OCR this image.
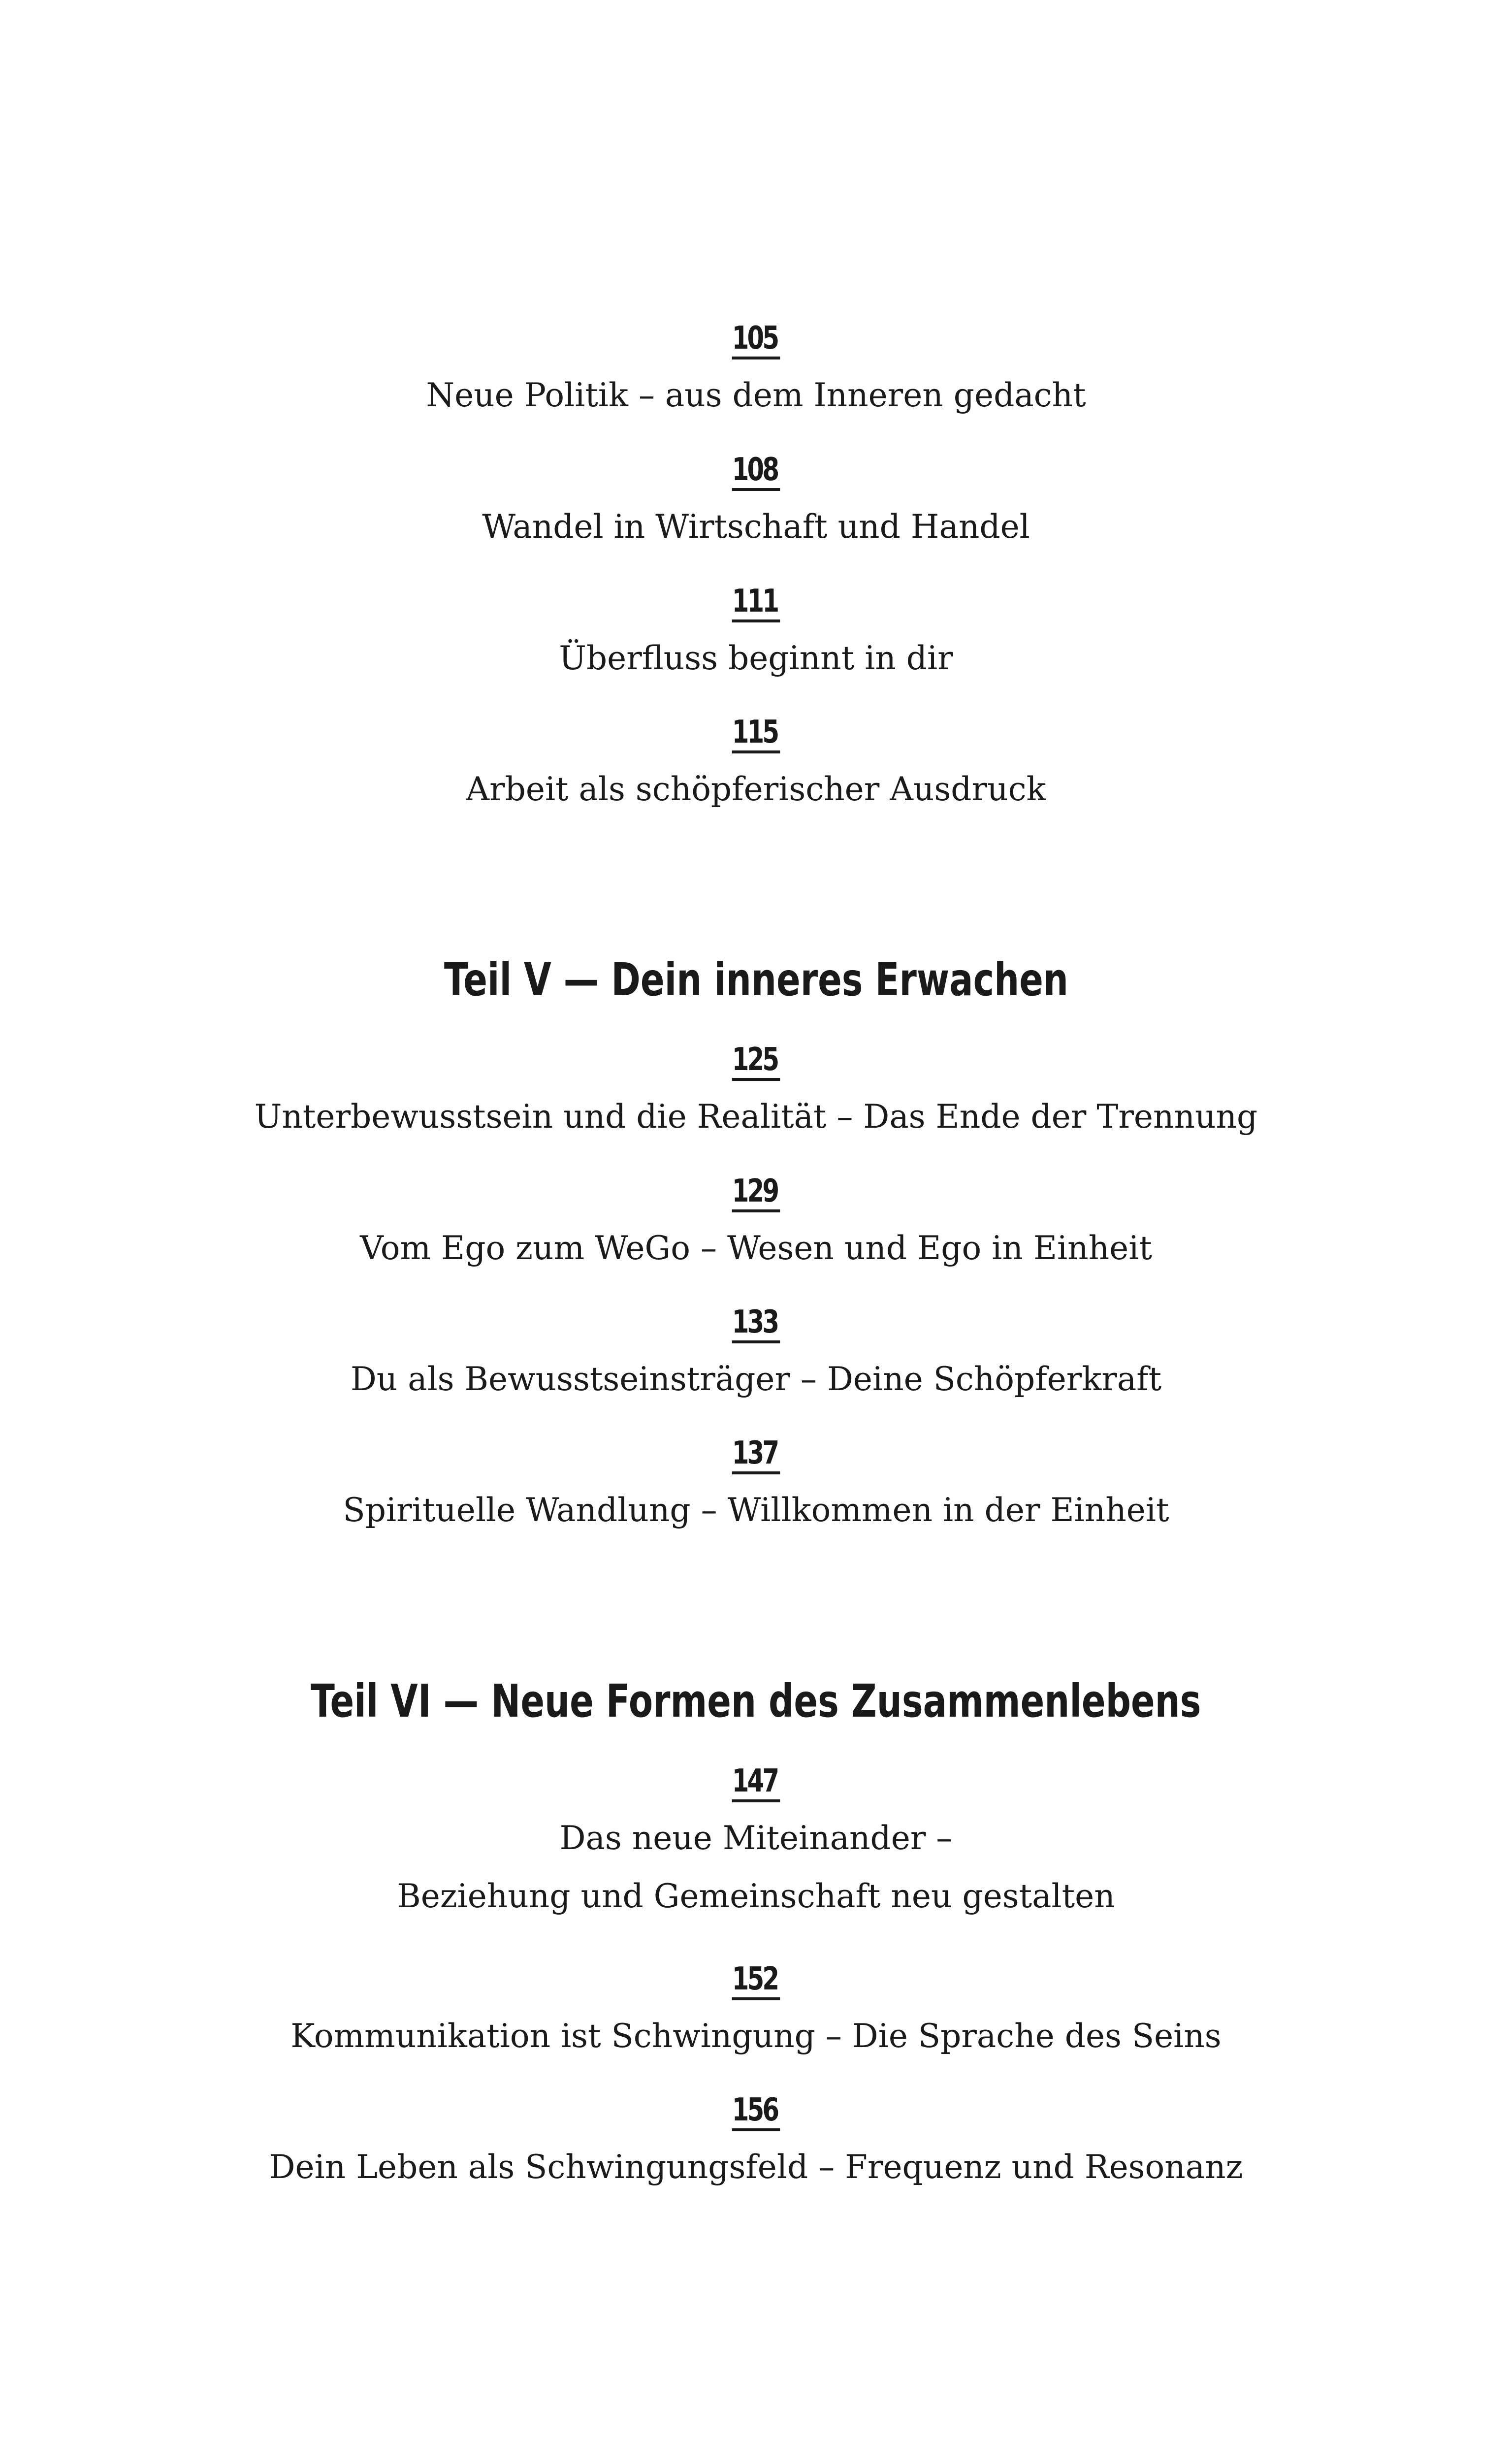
105
Neue Politik – aus dem Inneren gedacht
108
Wandel in Wirtschaft und Handel
111
Überfluss beginnt in dir
115
Arbeit als schöpferischer Ausdruck
Teil V — Dein inneres Erwachen
125
Unterbewusstsein und die Realität – Das Ende der Trennung
129
Vom Ego zum WeGo – Wesen und Ego in Einheit
133
Du als Bewusstseinsträger – Deine Schöpferkraft
137
Spirituelle Wandlung – Willkommen in der Einheit
Teil VI — Neue Formen des Zusammenlebens
147
Das neue Miteinander –
Beziehung und Gemeinschaft neu gestalten
152
Kommunikation ist Schwingung – Die Sprache des Seins
156
Dein Leben als Schwingungsfeld – Frequenz und Resonanz
